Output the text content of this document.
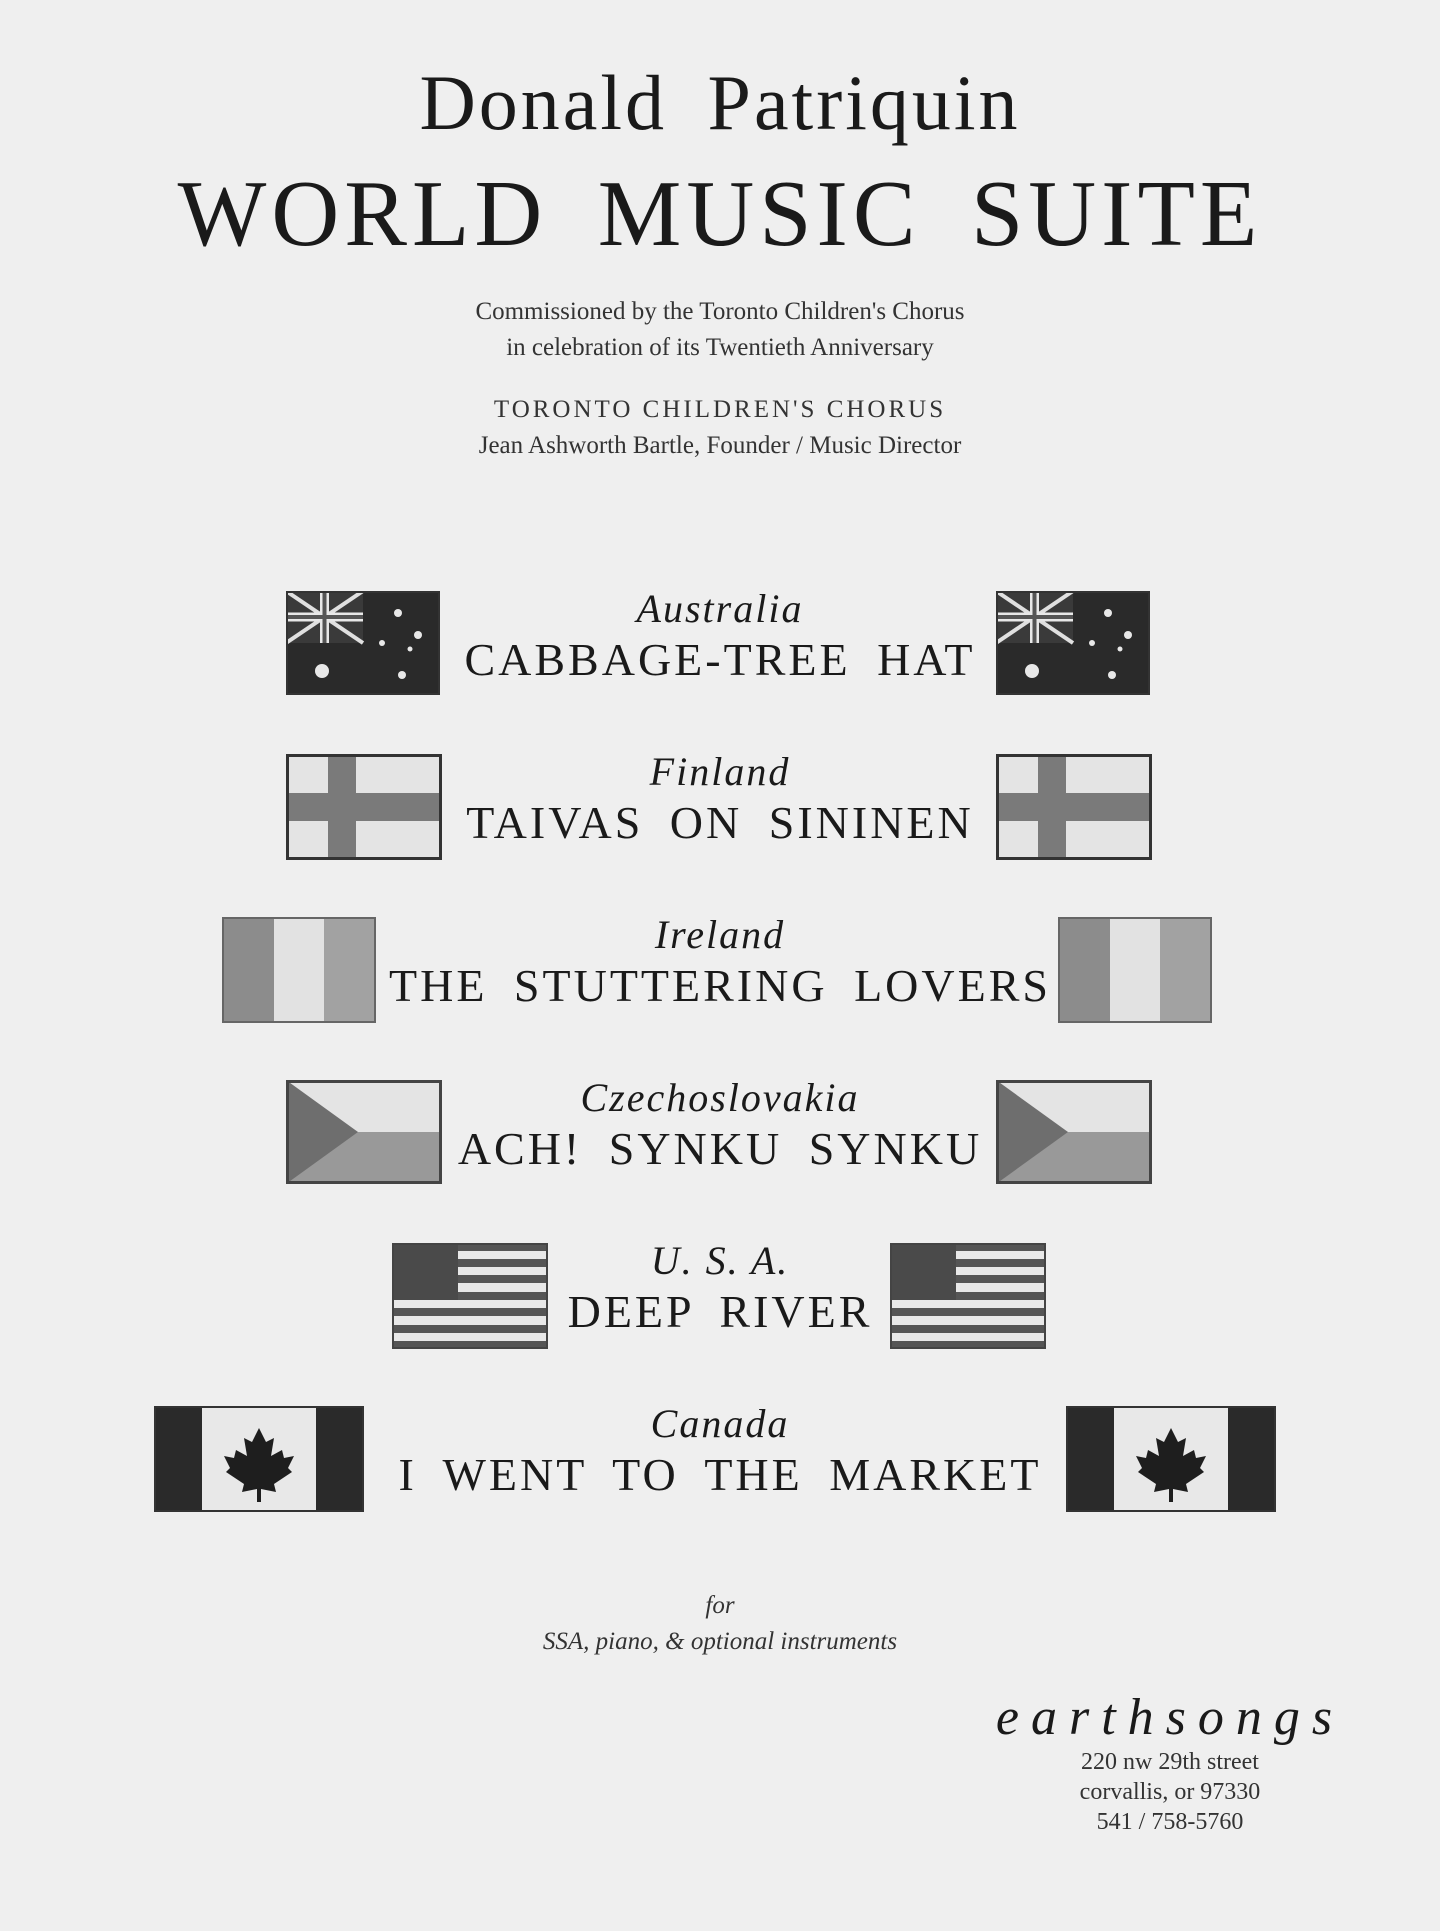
Donald Patriquin
WORLD MUSIC SUITE
Commissioned by the Toronto Children's Chorus
in celebration of its Twentieth Anniversary
TORONTO CHILDREN'S CHORUS
Jean Ashworth Bartle, Founder / Music Director
Australia
CABBAGE-TREE HAT
Finland
TAIVAS ON SININEN
Ireland
THE STUTTERING LOVERS
Czechoslovakia
ACH! SYNKU SYNKU
U. S. A.
DEEP RIVER
Canada
I WENT TO THE MARKET
for
SSA, piano, & optional instruments
earthsongs
220 nw 29th street
corvallis, or 97330
541 / 758-5760
